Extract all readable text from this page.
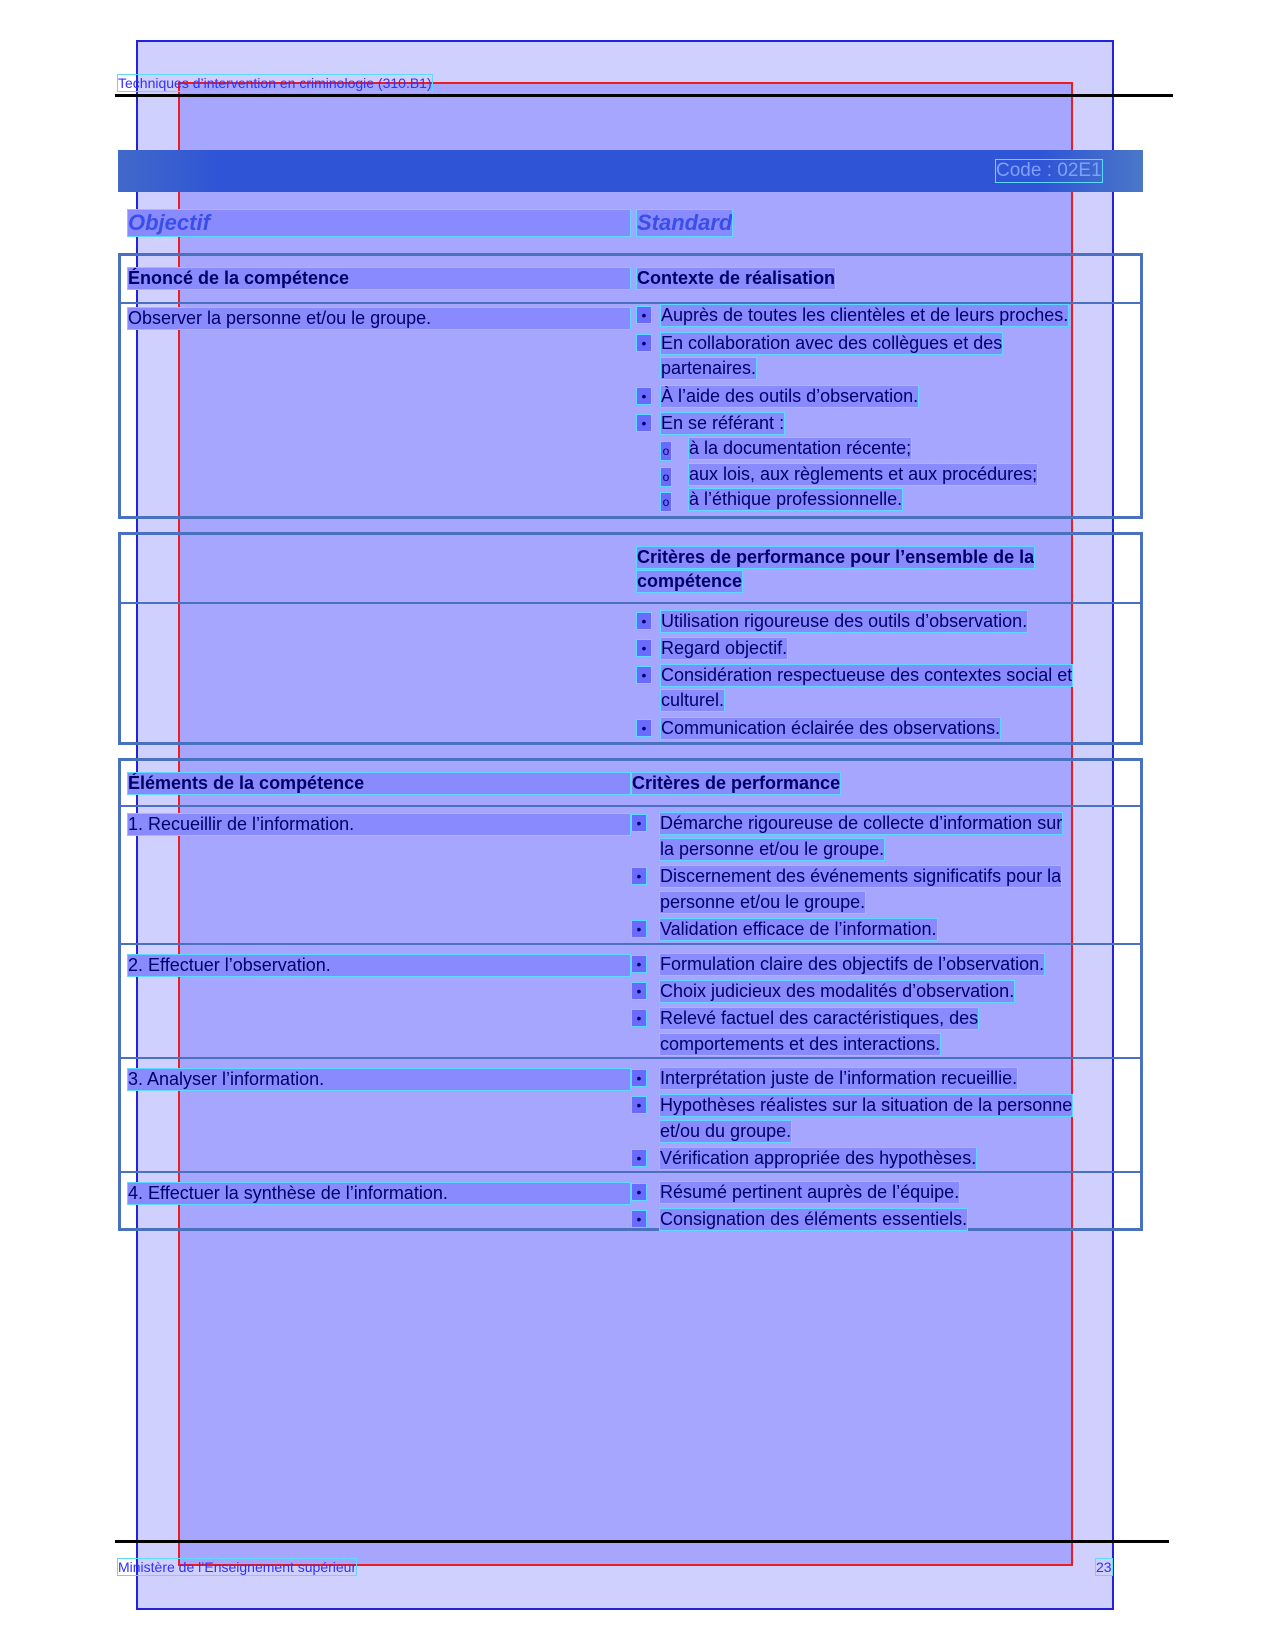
Techniques d’intervention en criminologie (310.B1)
Code : 02E1
Objectif	Standard
Énoncé de la compétence	Contexte de réalisation
Observer la personne et/ou le groupe.	• Auprès de toutes les clientèles et de leurs proches.
• En collaboration avec des collègues et des
partenaires.
• À l’aide des outils d’observation.
• En se référant :
o à la documentation récente;
o aux lois, aux règlements et aux procédures;
o à l’éthique professionnelle.
Critères de performance pour l’ensemble de la
compétence
• Utilisation rigoureuse des outils d’observation.
• Regard objectif.
• Considération respectueuse des contextes social et
culturel.
• Communication éclairée des observations.
Éléments de la compétence	Critères de performance
1. Recueillir de l’information.	• Démarche rigoureuse de collecte d’information sur
la personne et/ou le groupe.
• Discernement des événements significatifs pour la
personne et/ou le groupe.
• Validation efficace de l’information.
2. Effectuer l’observation.	• Formulation claire des objectifs de l’observation.
• Choix judicieux des modalités d’observation.
• Relevé factuel des caractéristiques, des
comportements et des interactions.
3. Analyser l’information.	• Interprétation juste de l’information recueillie.
• Hypothèses réalistes sur la situation de la personne
et/ou du groupe.
• Vérification appropriée des hypothèses.
4. Effectuer la synthèse de l’information.	• Résumé pertinent auprès de l’équipe.
• Consignation des éléments essentiels.
Ministère de l’Enseignement supérieur	23
